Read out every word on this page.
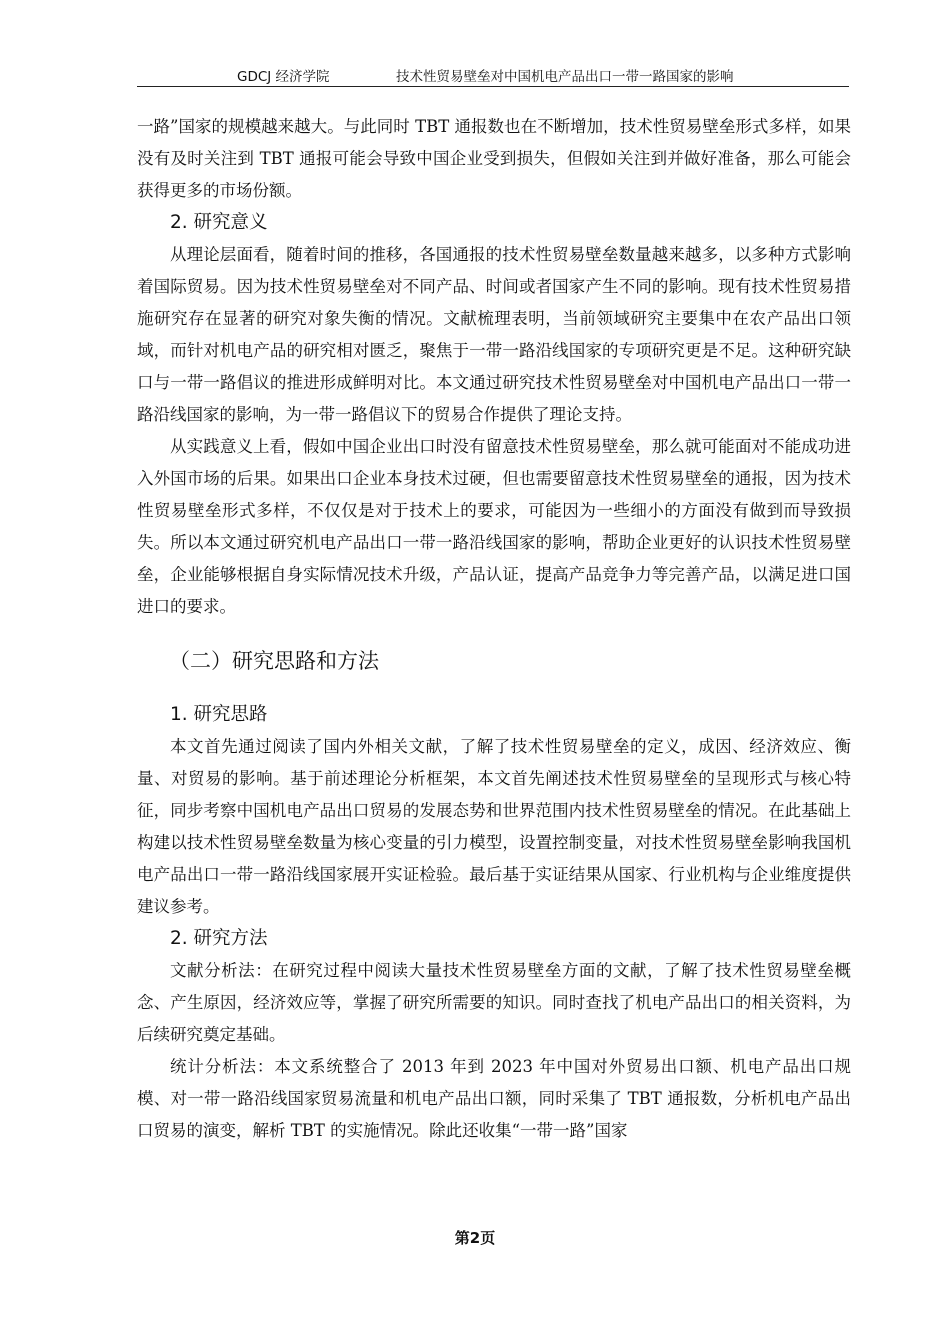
GDCJ 经济学院	技术性贸易壁垒对中国机电产品出口一带一路国家的影响

一路”国家的规模越来越大。与此同时 TBT 通报数也在不断增加，技术性贸易壁垒形式多样，如果没有及时关注到 TBT 通报可能会导致中国企业受到损失，但假如关注到并做好准备，那么可能会获得更多的市场份额。

2. 研究意义

从理论层面看，随着时间的推移，各国通报的技术性贸易壁垒数量越来越多，以多种方式影响着国际贸易。因为技术性贸易壁垒对不同产品、时间或者国家产生不同的影响。现有技术性贸易措施研究存在显著的研究对象失衡的情况。文献梳理表明，当前领域研究主要集中在农产品出口领域，而针对机电产品的研究相对匮乏，聚焦于一带一路沿线国家的专项研究更是不足。这种研究缺口与一带一路倡议的推进形成鲜明对比。本文通过研究技术性贸易壁垒对中国机电产品出口一带一路沿线国家的影响，为一带一路倡议下的贸易合作提供了理论支持。

从实践意义上看，假如中国企业出口时没有留意技术性贸易壁垒，那么就可能面对不能成功进入外国市场的后果。如果出口企业本身技术过硬，但也需要留意技术性贸易壁垒的通报，因为技术性贸易壁垒形式多样，不仅仅是对于技术上的要求，可能因为一些细小的方面没有做到而导致损失。所以本文通过研究机电产品出口一带一路沿线国家的影响，帮助企业更好的认识技术性贸易壁垒，企业能够根据自身实际情况技术升级，产品认证，提高产品竞争力等完善产品，以满足进口国进口的要求。

（二）研究思路和方法
1. 研究思路

本文首先通过阅读了国内外相关文献，了解了技术性贸易壁垒的定义，成因、经济效应、衡量、对贸易的影响。基于前述理论分析框架，本文首先阐述技术性贸易壁垒的呈现形式与核心特征，同步考察中国机电产品出口贸易的发展态势和世界范围内技术性贸易壁垒的情况。在此基础上构建以技术性贸易壁垒数量为核心变量的引力模型，设置控制变量，对技术性贸易壁垒影响我国机电产品出口一带一路沿线国家展开实证检验。最后基于实证结果从国家、行业机构与企业维度提供建议参考。

2. 研究方法

文献分析法：在研究过程中阅读大量技术性贸易壁垒方面的文献，了解了技术性贸易壁垒概念、产生原因，经济效应等，掌握了研究所需要的知识。同时查找了机电产品出口的相关资料，为后续研究奠定基础。

统计分析法：本文系统整合了 2013 年到 2023 年中国对外贸易出口额、机电产品出口规模、对一带一路沿线国家贸易流量和机电产品出口额，同时采集了 TBT 通报数，分析机电产品出口贸易的演变，解析 TBT 的实施情况。除此还收集“一带一路”国家

第2页
